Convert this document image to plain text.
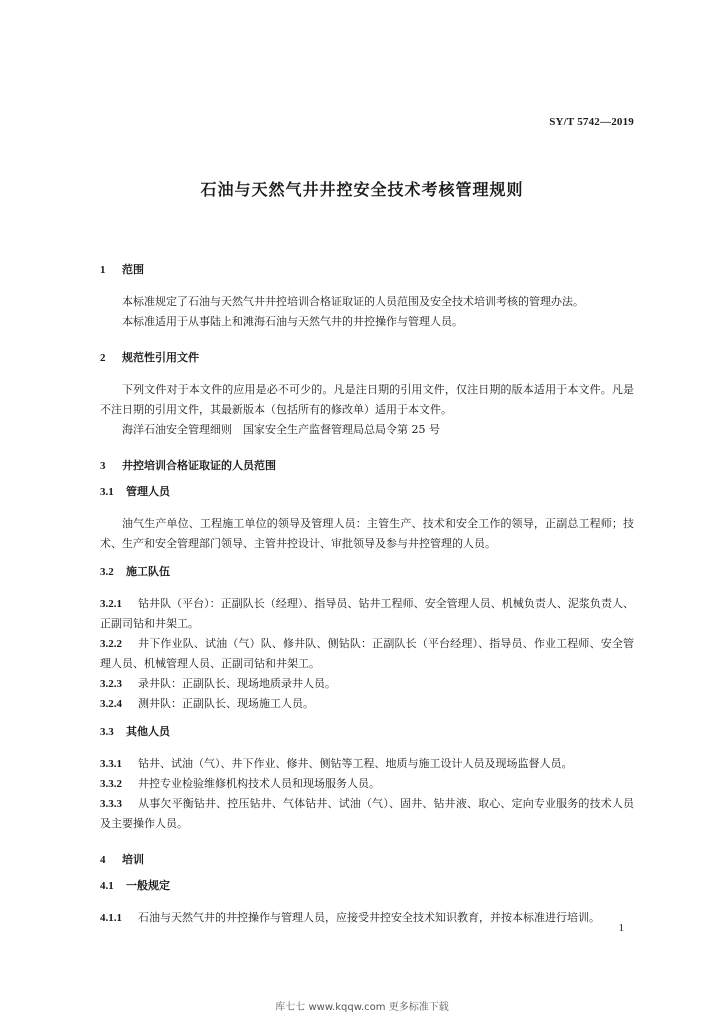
SY/T 5742—2019
石油与天然气井井控安全技术考核管理规则
1 范围
本标准规定了石油与天然气井井控培训合格证取证的人员范围及安全技术培训考核的管理办法。
本标准适用于从事陆上和滩海石油与天然气井的井控操作与管理人员。
2 规范性引用文件
下列文件对于本文件的应用是必不可少的。凡是注日期的引用文件，仅注日期的版本适用于本文件。凡是不注日期的引用文件，其最新版本（包括所有的修改单）适用于本文件。
海洋石油安全管理细则　国家安全生产监督管理局总局令第 25 号
3 井控培训合格证取证的人员范围
3.1 管理人员
油气生产单位、工程施工单位的领导及管理人员：主管生产、技术和安全工作的领导，正副总工程师；技术、生产和安全管理部门领导、主管井控设计、审批领导及参与井控管理的人员。
3.2 施工队伍
3.2.1 钻井队（平台）：正副队长（经理）、指导员、钻井工程师、安全管理人员、机械负责人、泥浆负责人、正副司钻和井架工。
3.2.2 井下作业队、试油（气）队、修井队、侧钻队：正副队长（平台经理）、指导员、作业工程师、安全管理人员、机械管理人员、正副司钻和井架工。
3.2.3 录井队：正副队长、现场地质录井人员。
3.2.4 测井队：正副队长、现场施工人员。
3.3 其他人员
3.3.1 钻井、试油（气）、井下作业、修井、侧钻等工程、地质与施工设计人员及现场监督人员。
3.3.2 井控专业检验维修机构技术人员和现场服务人员。
3.3.3 从事欠平衡钻井、控压钻井、气体钻井、试油（气）、固井、钻井液、取心、定向专业服务的技术人员及主要操作人员。
4 培训
4.1 一般规定
4.1.1 石油与天然气井的井控操作与管理人员，应接受井控安全技术知识教育，并按本标准进行培训。
1
库七七 www.kqqw.com 更多标准下载
